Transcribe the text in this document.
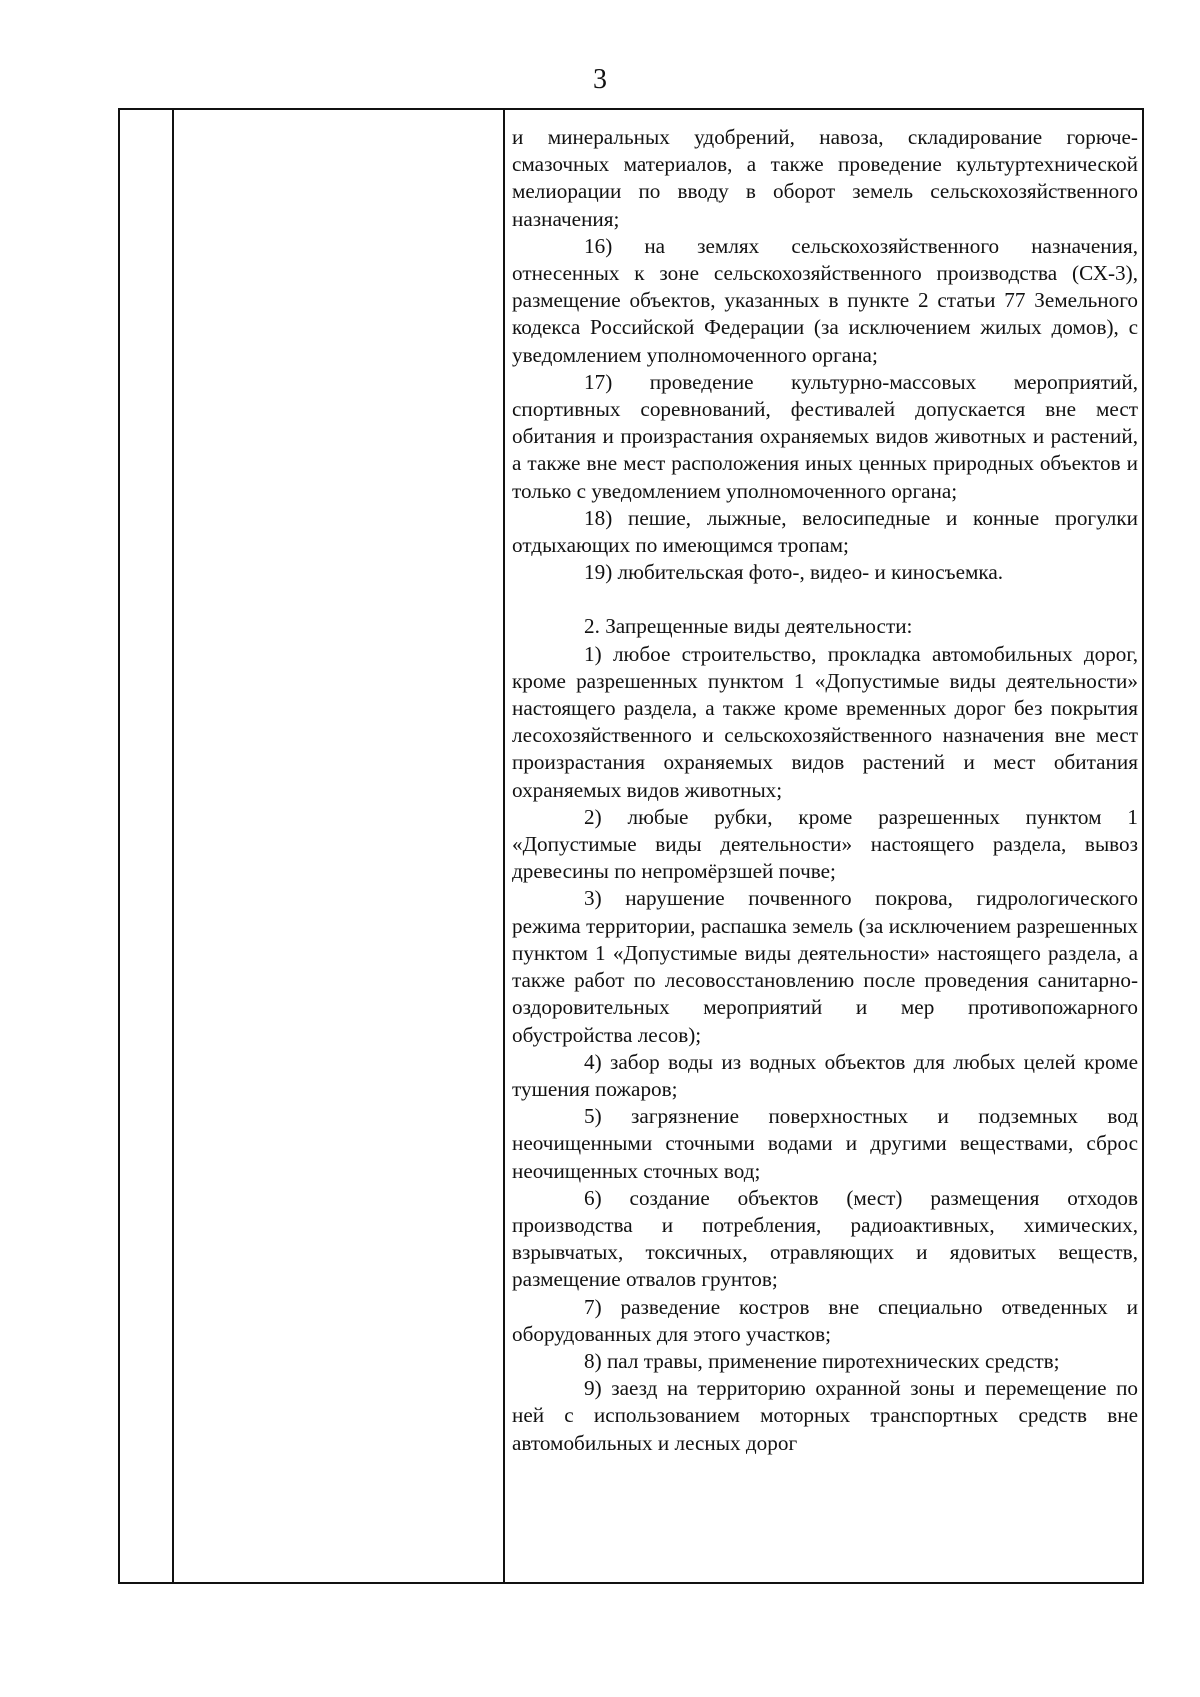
3

и минеральных удобрений, навоза, складирование горюче-смазочных материалов, а также проведение культуртехнической мелиорации по вводу в оборот земель сельскохозяйственного назначения;

16) на землях сельскохозяйственного назначения, отнесенных к зоне сельскохозяйственного производства (СХ-3), размещение объектов, указанных в пункте 2 статьи 77 Земельного кодекса Российской Федерации (за исключением жилых домов), с уведомлением уполномоченного органа;

17) проведение культурно-массовых мероприятий, спортивных соревнований, фестивалей допускается вне мест обитания и произрастания охраняемых видов животных и растений, а также вне мест расположения иных ценных природных объектов и только с уведомлением уполномоченного органа;

18) пешие, лыжные, велосипедные и конные прогулки отдыхающих по имеющимся тропам;

19) любительская фото-, видео- и киносъемка.

2. Запрещенные виды деятельности:

1) любое строительство, прокладка автомобильных дорог, кроме разрешенных пунктом 1 «Допустимые виды деятельности» настоящего раздела, а также кроме временных дорог без покрытия лесохозяйственного и сельскохозяйственного назначения вне мест произрастания охраняемых видов растений и мест обитания охраняемых видов животных;

2) любые рубки, кроме разрешенных пунктом 1 «Допустимые виды деятельности» настоящего раздела, вывоз древесины по непромёрзшей почве;

3) нарушение почвенного покрова, гидрологического режима территории, распашка земель (за исключением разрешенных пунктом 1 «Допустимые виды деятельности» настоящего раздела, а также работ по лесовосстановлению после проведения санитарно-оздоровительных мероприятий и мер противопожарного обустройства лесов);

4) забор воды из водных объектов для любых целей кроме тушения пожаров;

5) загрязнение поверхностных и подземных вод неочищенными сточными водами и другими веществами, сброс неочищенных сточных вод;

6) создание объектов (мест) размещения отходов производства и потребления, радиоактивных, химических, взрывчатых, токсичных, отравляющих и ядовитых веществ, размещение отвалов грунтов;

7) разведение костров вне специально отведенных и оборудованных для этого участков;

8) пал травы, применение пиротехнических средств;

9) заезд на территорию охранной зоны и перемещение по ней с использованием моторных транспортных средств вне автомобильных и лесных дорог
